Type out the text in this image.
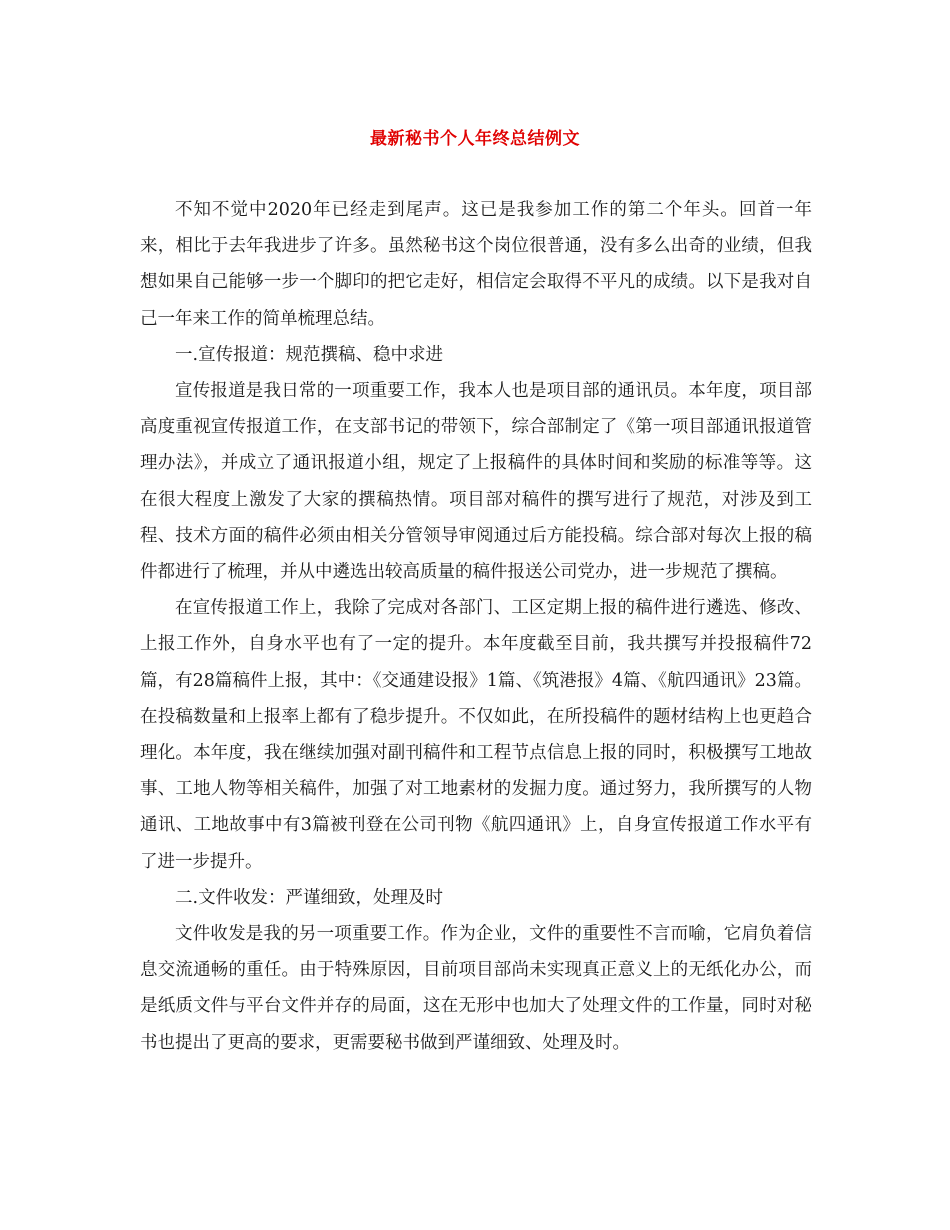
最新秘书个人年终总结例文

不知不觉中2020年已经走到尾声。这已是我参加工作的第二个年头。回首一年来，相比于去年我进步了许多。虽然秘书这个岗位很普通，没有多么出奇的业绩，但我想如果自己能够一步一个脚印的把它走好，相信定会取得不平凡的成绩。以下是我对自己一年来工作的简单梳理总结。

一.宣传报道：规范撰稿、稳中求进

宣传报道是我日常的一项重要工作，我本人也是项目部的通讯员。本年度，项目部高度重视宣传报道工作，在支部书记的带领下，综合部制定了《第一项目部通讯报道管理办法》，并成立了通讯报道小组，规定了上报稿件的具体时间和奖励的标准等等。这在很大程度上激发了大家的撰稿热情。项目部对稿件的撰写进行了规范，对涉及到工程、技术方面的稿件必须由相关分管领导审阅通过后方能投稿。综合部对每次上报的稿件都进行了梳理，并从中遴选出较高质量的稿件报送公司党办，进一步规范了撰稿。

在宣传报道工作上，我除了完成对各部门、工区定期上报的稿件进行遴选、修改、上报工作外，自身水平也有了一定的提升。本年度截至目前，我共撰写并投报稿件72篇，有28篇稿件上报，其中：《交通建设报》1篇、《筑港报》4篇、《航四通讯》23篇。在投稿数量和上报率上都有了稳步提升。不仅如此，在所投稿件的题材结构上也更趋合理化。本年度，我在继续加强对副刊稿件和工程节点信息上报的同时，积极撰写工地故事、工地人物等相关稿件，加强了对工地素材的发掘力度。通过努力，我所撰写的人物通讯、工地故事中有3篇被刊登在公司刊物《航四通讯》上，自身宣传报道工作水平有了进一步提升。

二.文件收发：严谨细致，处理及时

文件收发是我的另一项重要工作。作为企业，文件的重要性不言而喻，它肩负着信息交流通畅的重任。由于特殊原因，目前项目部尚未实现真正意义上的无纸化办公，而是纸质文件与平台文件并存的局面，这在无形中也加大了处理文件的工作量，同时对秘书也提出了更高的要求，更需要秘书做到严谨细致、处理及时。
